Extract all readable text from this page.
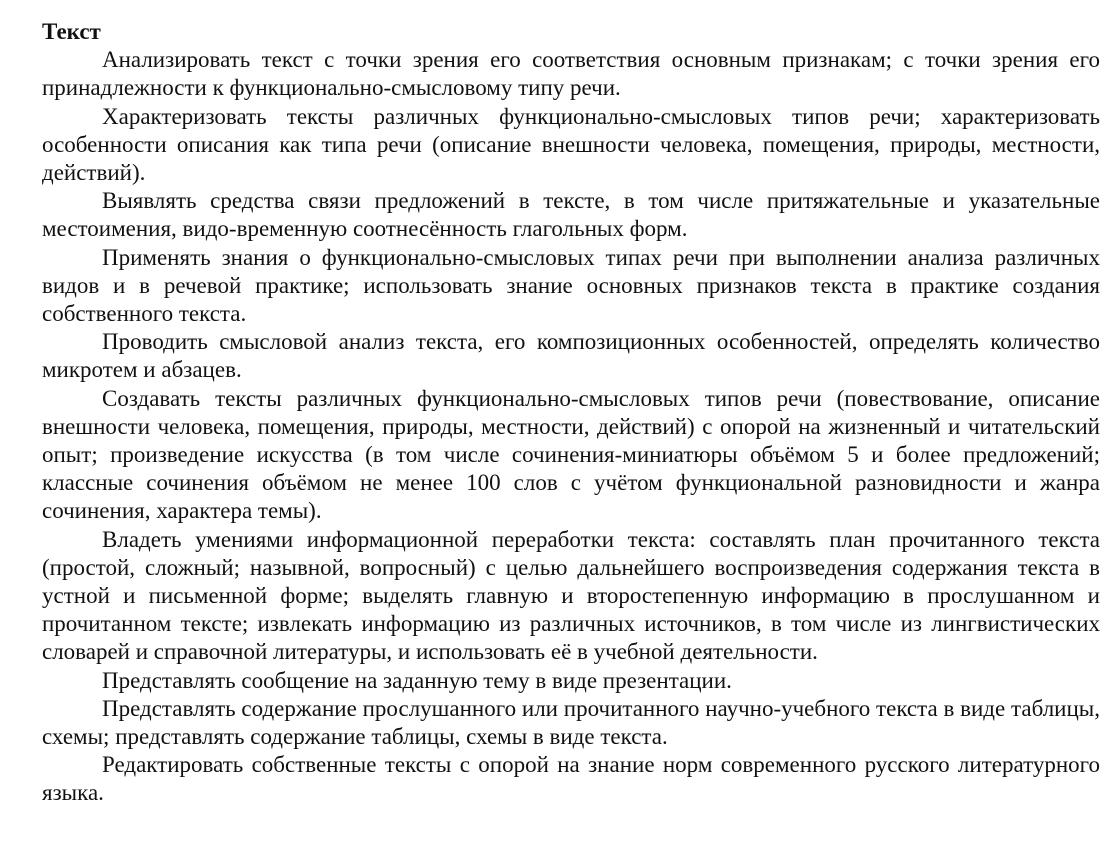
Текст

Анализировать текст с точки зрения его соответствия основным признакам; с точки зрения его принадлежности к функционально-смысловому типу речи.

Характеризовать тексты различных функционально-смысловых типов речи; характеризовать особенности описания как типа речи (описание внешности человека, помещения, природы, местности, действий).

Выявлять средства связи предложений в тексте, в том числе притяжательные и указательные местоимения, видо-временную соотнесённость глагольных форм.

Применять знания о функционально-смысловых типах речи при выполнении анализа различных видов и в речевой практике; использовать знание основных признаков текста в практике создания собственного текста.

Проводить смысловой анализ текста, его композиционных особенностей, определять количество микротем и абзацев.

Создавать тексты различных функционально-смысловых типов речи (повествование, описание внешности человека, помещения, природы, местности, действий) с опорой на жизненный и читательский опыт; произведение искусства (в том числе сочинения-миниатюры объёмом 5 и более предложений; классные сочинения объёмом не менее 100 слов с учётом функциональной разновидности и жанра сочинения, характера темы).

Владеть умениями информационной переработки текста: составлять план прочитанного текста (простой, сложный; назывной, вопросный) с целью дальнейшего воспроизведения содержания текста в устной и письменной форме; выделять главную и второстепенную информацию в прослушанном и прочитанном тексте; извлекать информацию из различных источников, в том числе из лингвистических словарей и справочной литературы, и использовать её в учебной деятельности.

Представлять сообщение на заданную тему в виде презентации.

Представлять содержание прослушанного или прочитанного научно-учебного текста в виде таблицы, схемы; представлять содержание таблицы, схемы в виде текста.

Редактировать собственные тексты с опорой на знание норм современного русского литературного языка.
